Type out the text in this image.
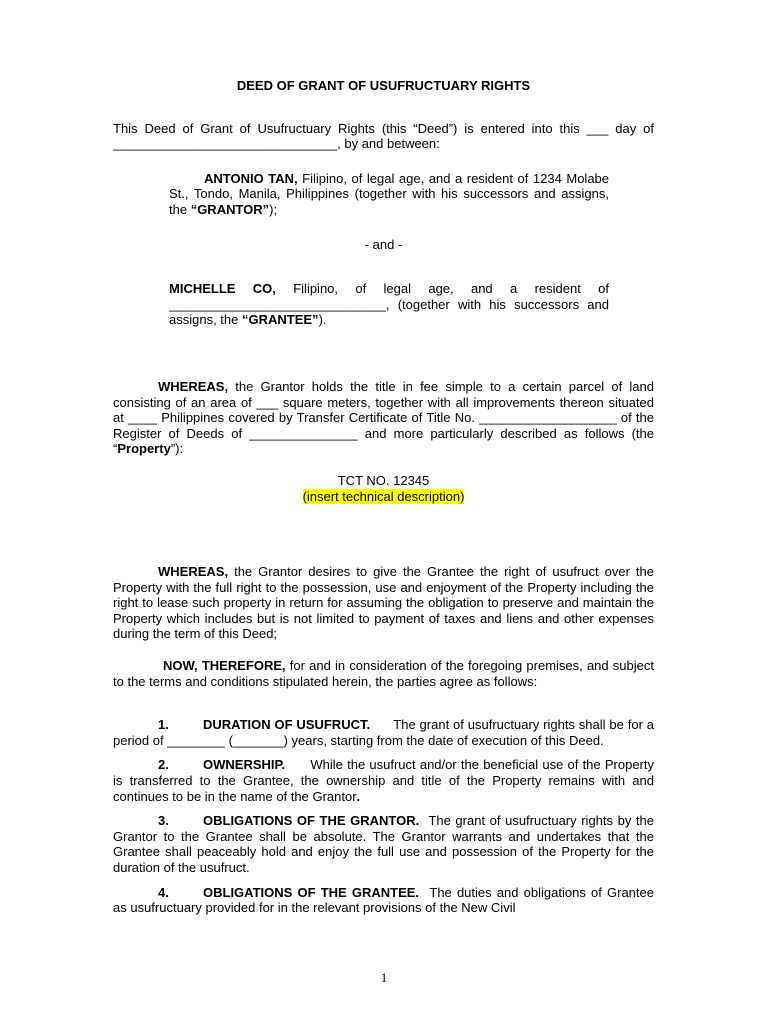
DEED OF GRANT OF USUFRUCTUARY RIGHTS

This Deed of Grant of Usufructuary Rights (this “Deed”) is entered into this ___ day of _______________________________, by and between:

ANTONIO TAN, Filipino, of legal age, and a resident of 1234 Molabe St., Tondo, Manila, Philippines (together with his successors and assigns, the “GRANTOR”);

- and -

MICHELLE CO, Filipino, of legal age, and a resident of ______________________________, (together with his successors and assigns, the “GRANTEE”).

WHEREAS, the Grantor holds the title in fee simple to a certain parcel of land consisting of an area of ___ square meters, together with all improvements thereon situated at ____ Philippines covered by Transfer Certificate of Title No. ___________________ of the Register of Deeds of _______________ and more particularly described as follows (the “Property”):

TCT NO. 12345

(insert technical description)

WHEREAS, the Grantor desires to give the Grantee the right of usufruct over the Property with the full right to the possession, use and enjoyment of the Property including the right to lease such property in return for assuming the obligation to preserve and maintain the Property which includes but is not limited to payment of taxes and liens and other expenses during the term of this Deed;

NOW, THEREFORE, for and in consideration of the foregoing premises, and subject to the terms and conditions stipulated herein, the parties agree as follows:

1.	DURATION OF USUFRUCT.      The grant of usufructuary rights shall be for a period of ________ (_______) years, starting from the date of execution of this Deed.

2.	OWNERSHIP.      While the usufruct and/or the beneficial use of the Property is transferred to the Grantee, the ownership and title of the Property remains with and continues to be in the name of the Grantor.

3.	OBLIGATIONS OF THE GRANTOR.  The grant of usufructuary rights by the Grantor to the Grantee shall be absolute. The Grantor warrants and undertakes that the Grantee shall peaceably hold and enjoy the full use and possession of the Property for the duration of the usufruct.

4.	OBLIGATIONS OF THE GRANTEE.  The duties and obligations of Grantee as usufructuary provided for in the relevant provisions of the New Civil

1
